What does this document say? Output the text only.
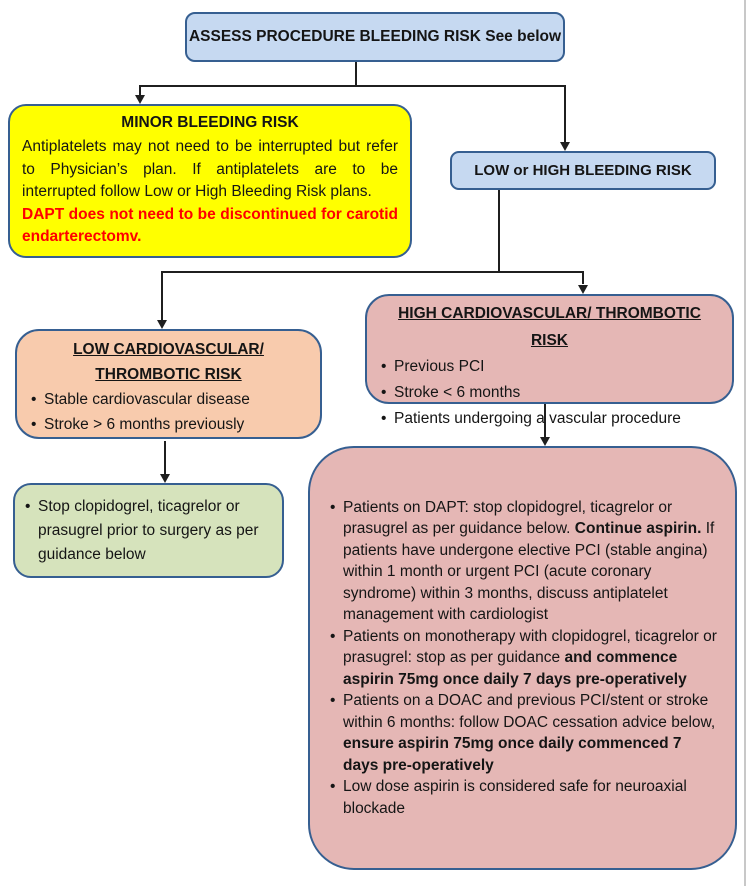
ASSESS PROCEDURE BLEEDING RISK See below
MINOR BLEEDING RISK
Antiplatelets may not need to be interrupted but refer to Physician’s plan. If antiplatelets are to be interrupted follow Low or High Bleeding Risk plans.
DAPT does not need to be discontinued for carotid endarterectomv.
LOW or HIGH BLEEDING RISK
HIGH CARDIOVASCULAR/ THROMBOTIC RISK
• Previous PCI
• Stroke < 6 months
• Patients undergoing a vascular procedure
LOW CARDIOVASCULAR/
THROMBOTIC RISK
• Stable cardiovascular disease
• Stroke > 6 months previously
• Stop clopidogrel, ticagrelor or prasugrel prior to surgery as per guidance below
• Patients on DAPT: stop clopidogrel, ticagrelor or prasugrel as per guidance below. Continue aspirin. If patients have undergone elective PCI (stable angina) within 1 month or urgent PCI (acute coronary syndrome) within 3 months, discuss antiplatelet management with cardiologist
• Patients on monotherapy with clopidogrel, ticagrelor or prasugrel: stop as per guidance and commence aspirin 75mg once daily 7 days pre-operatively
• Patients on a DOAC and previous PCI/stent or stroke within 6 months: follow DOAC cessation advice below, ensure aspirin 75mg once daily commenced 7 days pre-operatively
• Low dose aspirin is considered safe for neuroaxial blockade
